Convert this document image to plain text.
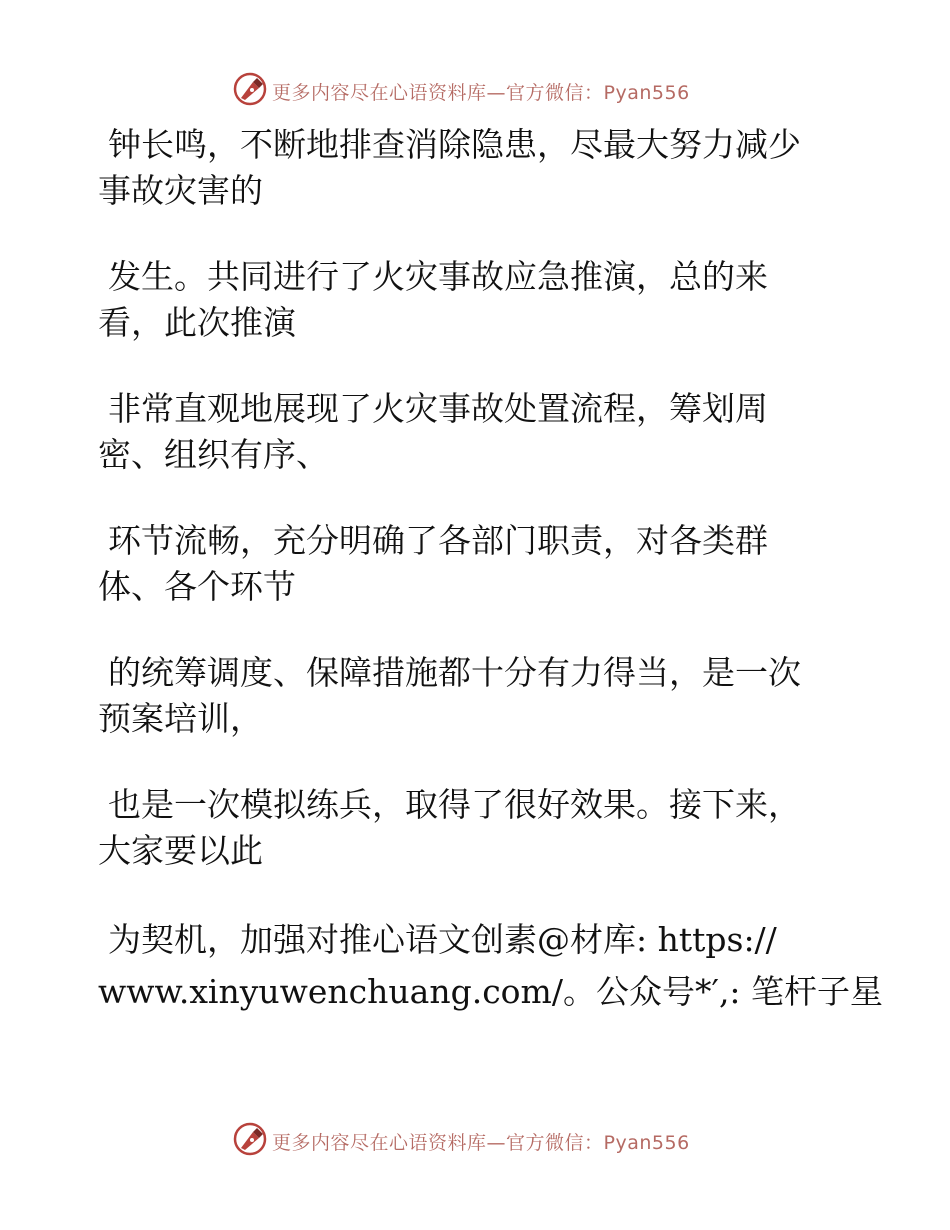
更多内容尽在心语资料库—官方微信：Pyan556

钟长鸣，不断地排查消除隐患，尽最大努力减少
事故灾害的

发生。共同进行了火灾事故应急推演，总的来
看，此次推演

非常直观地展现了火灾事故处置流程，筹划周
密、组织有序、

环节流畅，充分明确了各部门职责，对各类群
体、各个环节

的统筹调度、保障措施都十分有力得当，是一次
预案培训，

也是一次模拟练兵，取得了很好效果。接下来，
大家要以此

为契机，加强对推心语文创素@材库: https://
www.xinyuwenchuang.com/。公众号*′,: 笔杆子星

更多内容尽在心语资料库—官方微信：Pyan556
